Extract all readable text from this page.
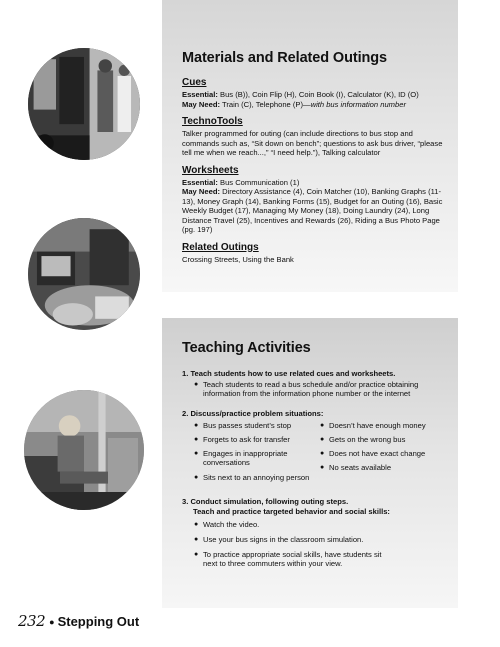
Materials and Related Outings
Cues

Essential: Bus (B)), Coin Flip (H), Coin Book (I), Calculator (K), ID (O)

May Need: Train (C), Telephone (P)—with bus information number

TechnoTools

Talker programmed for outing (can include directions to bus stop and commands such as, “Sit down on bench”; questions to ask bus driver, “please tell me when we reach...,” “I need help.”), Talking calculator

Worksheets

Essential: Bus Communication (1)

May Need: Directory Assistance (4), Coin Matcher (10), Banking Graphs (11-13), Money Graph (14), Banking Forms (15), Budget for an Outing (16), Basic Weekly Budget (17), Managing My Money (18), Doing Laundry (24), Long Distance Travel (25), Incentives and Rewards (26), Riding a Bus Photo Page (pg. 197)

Related Outings

Crossing Streets, Using the Bank

Teaching Activities
1. Teach students how to use related cues and worksheets.
● Teach students to read a bus schedule and/or practice obtaining information from the information phone number or the internet
2. Discuss/practice problem situations:
● Bus passes student’s stop
● Forgets to ask for transfer
● Engages in inappropriate conversations
● Sits next to an annoying person
● Doesn’t have enough money
● Gets on the wrong bus
● Does not have exact change
● No seats available
3. Conduct simulation, following outing steps.
Teach and practice targeted behavior and social skills:
● Watch the video.
● Use your bus signs in the classroom simulation.
● To practice appropriate social skills, have students sit next to three commuters within your view.
232 ● Stepping Out
